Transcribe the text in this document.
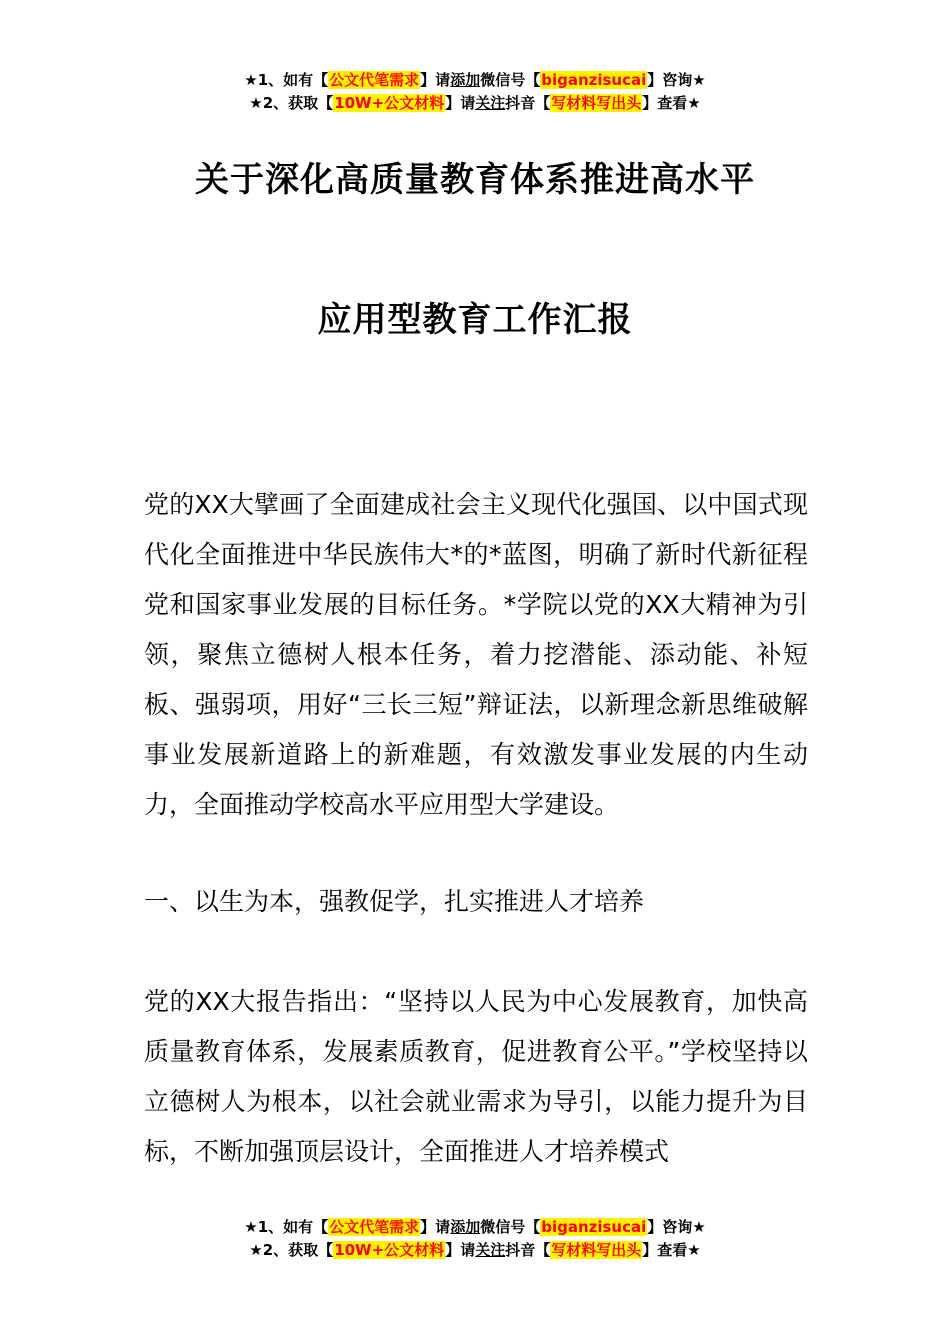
★1、如有【公文代笔需求】请添加微信号【biganzisucai】咨询★
★2、获取【10W+公文材料】请关注抖音【写材料写出头】查看★
关于深化高质量教育体系推进高水平
应用型教育工作汇报
党的XX大擘画了全面建成社会主义现代化强国、以中国式现代化全面推进中华民族伟大*的*蓝图，明确了新时代新征程党和国家事业发展的目标任务。*学院以党的XX大精神为引领，聚焦立德树人根本任务，着力挖潜能、添动能、补短板、强弱项，用好“三长三短”辩证法，以新理念新思维破解事业发展新道路上的新难题，有效激发事业发展的内生动力，全面推动学校高水平应用型大学建设。
一、以生为本，强教促学，扎实推进人才培养
党的XX大报告指出：“坚持以人民为中心发展教育，加快高质量教育体系，发展素质教育，促进教育公平。”学校坚持以立德树人为根本，以社会就业需求为导引，以能力提升为目标，不断加强顶层设计，全面推进人才培养模式
★1、如有【公文代笔需求】请添加微信号【biganzisucai】咨询★
★2、获取【10W+公文材料】请关注抖音【写材料写出头】查看★
